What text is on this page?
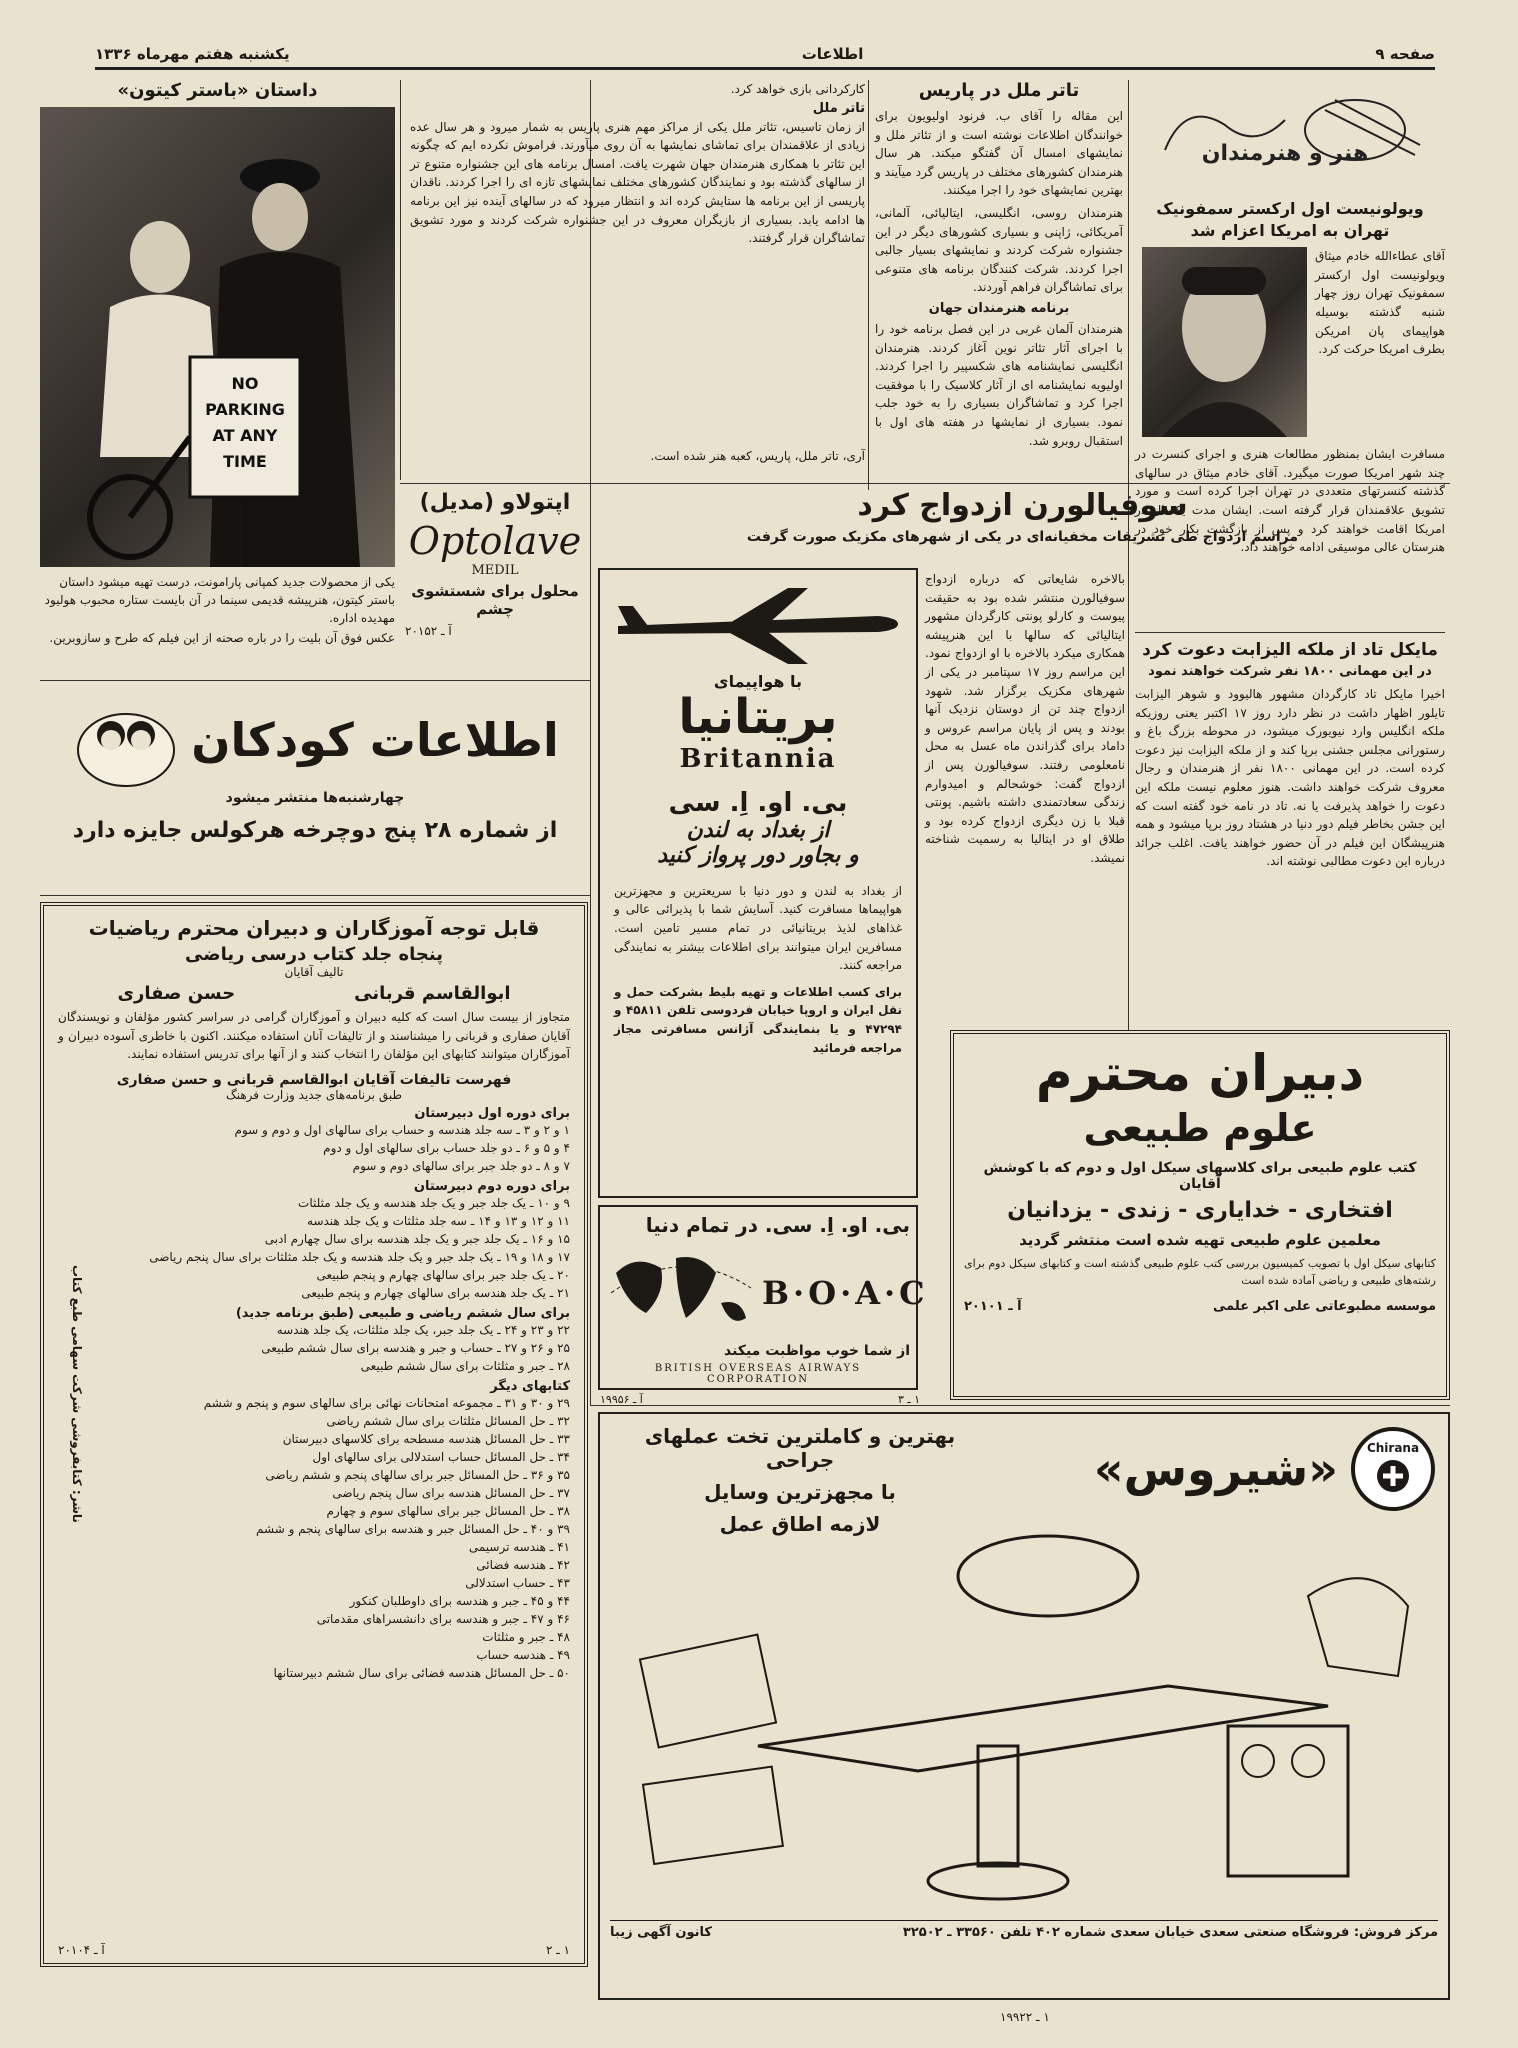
صفحه ۹
اطلاعات
یکشنبه هفتم مهرماه ۱۳۳۶
هنر و هنرمندان
ویولونیست اول ارکستر سمفونیک تهران به امریکا اعزام شد

آقای عطاءالله خادم میثاق ویولونیست اول ارکستر سمفونیک تهران روز چهار شنبه گذشته بوسیله هواپیمای پان امریکن بطرف امریکا حرکت کرد.

مسافرت ایشان بمنظور مطالعات هنری و اجرای کنسرت در چند شهر امریکا صورت میگیرد. آقای خادم میثاق در سالهای گذشته کنسرتهای متعددی در تهران اجرا کرده است و مورد تشویق علاقمندان قرار گرفته است. ایشان مدت یکسال در امریکا اقامت خواهند کرد و پس از بازگشت بکار خود در هنرستان عالی موسیقی ادامه خواهند داد.

مایکل تاد از ملکه الیزابت دعوت کرد
در این مهمانی ۱۸۰۰ نفر شرکت خواهند نمود

اخیرا مایکل تاد کارگردان مشهور هالیوود و شوهر الیزابت تایلور اظهار داشت در نظر دارد روز ۱۷ اکتبر یعنی روزیکه ملکه انگلیس وارد نیویورک میشود، در محوطه بزرگ باغ و رستورانی مجلس جشنی برپا کند و از ملکه الیزابت نیز دعوت کرده است. در این مهمانی ۱۸۰۰ نفر از هنرمندان و رجال معروف شرکت خواهند داشت. هنوز معلوم نیست ملکه این دعوت را خواهد پذیرفت یا نه. تاد در نامه خود گفته است که این جشن بخاطر فیلم دور دنیا در هشتاد روز برپا میشود و همه هنرپیشگان این فیلم در آن حضور خواهند یافت. اغلب جرائد درباره این دعوت مطالبی نوشته اند.

تاتر ملل در پاریس

این مقاله را آقای ب. فرنود اولیویون برای خوانندگان اطلاعات نوشته است و از تئاتر ملل و نمایشهای امسال آن گفتگو میکند. هر سال هنرمندان کشورهای مختلف در پاریس گرد میآیند و بهترین نمایشهای خود را اجرا میکنند.

هنرمندان روسی، انگلیسی، ایتالیائی، آلمانی، آمریکائی، ژاپنی و بسیاری کشورهای دیگر در این جشنواره شرکت کردند و نمایشهای بسیار جالبی اجرا کردند. شرکت کنندگان برنامه های متنوعی برای تماشاگران فراهم آوردند.

برنامه هنرمندان جهان

هنرمندان آلمان غربی در این فصل برنامه خود را با اجرای آثار تئاتر نوین آغاز کردند. هنرمندان انگلیسی نمایشنامه های شکسپیر را اجرا کردند. اولیویه نمایشنامه ای از آثار کلاسیک را با موفقیت اجرا کرد و تماشاگران بسیاری را به خود جلب نمود. بسیاری از نمایشها در هفته های اول با استقبال روبرو شد.

کارکردانی بازی خواهد کرد.

تاتر ملل

از زمان تاسیس، تئاتر ملل یکی از مراکز مهم هنری پاریس به شمار میرود و هر سال عده زیادی از علاقمندان برای تماشای نمایشها به آن روی میآورند. فراموش نکرده ایم که چگونه این تئاتر با همکاری هنرمندان جهان شهرت یافت. امسال برنامه های این جشنواره متنوع تر از سالهای گذشته بود و نمایندگان کشورهای مختلف نمایشهای تازه ای را اجرا کردند. ناقدان پاریسی از این برنامه ها ستایش کرده اند و انتظار میرود که در سالهای آینده نیز این برنامه ها ادامه یابد. بسیاری از بازیگران معروف در این جشنواره شرکت کردند و مورد تشویق تماشاگران قرار گرفتند.

آری، تاتر ملل، پاریس، کعبه هنر شده است.

داستان «باستر کیتون»
NO
PARKING
AT ANY
TIME

یکی از محصولات جدید کمپانی پارامونت، درست تهیه میشود داستان باستر کیتون، هنرپیشه قدیمی سینما در آن بایست ستاره محبوب هولیود مهدیده اداره.

عکس فوق آن بلیت را در باره صحنه از این فیلم که طرح و سازوبرین.

اپتولاو (مدیل)
Optolave
MEDIL
محلول برای شستشوی چشم
آ ـ ۲۰۱۵۲
سوفیالورن ازدواج کرد
مراسم ازدواج طی تشریفات مخفیانه‌ای در یکی از شهرهای مکزیک صورت گرفت

بالاخره شایعاتی که درباره ازدواج سوفیالورن منتشر شده بود به حقیقت پیوست و کارلو پونتی کارگردان مشهور ایتالیائی که سالها با این هنرپیشه همکاری میکرد بالاخره با او ازدواج نمود. این مراسم روز ۱۷ سپتامبر در یکی از شهرهای مکزیک برگزار شد. شهود ازدواج چند تن از دوستان نزدیک آنها بودند و پس از پایان مراسم عروس و داماد برای گذراندن ماه عسل به محل نامعلومی رفتند. سوفیالورن پس از ازدواج گفت: خوشحالم و امیدوارم زندگی سعادتمندی داشته باشیم. پونتی قبلا با زن دیگری ازدواج کرده بود و طلاق او در ایتالیا به رسمیت شناخته نمیشد.

با هواپیمای
بریتانیا
Britannia
بی. او. اِ. سی
از بغداد به لندن
و بجاور دور پرواز کنید

از بغداد به لندن و دور دنیا با سریعترین و مجهزترین هواپیماها مسافرت کنید. آسایش شما با پذیرائی عالی و غذاهای لذیذ بریتانیائی در تمام مسیر تامین است. مسافرین ایران میتوانند برای اطلاعات بیشتر به نمایندگی مراجعه کنند.

برای کسب اطلاعات و تهیه بلیط بشرکت حمل و نقل ایران و اروپا خیابان فردوسی تلفن ۴۵۸۱۱ و ۴۷۲۹۴ و یا بنمایندگی آژانس مسافرتی مجاز مراجعه فرمائید

بی. او. اِ. سی. در تمام دنیا
B·O·A·C
از شما خوب مواظبت میکند
BRITISH OVERSEAS AIRWAYS CORPORATION
۱ ـ ۳
آ ـ ۱۹۹۵۶
دبیران محترم
علوم طبیعی
کتب علوم طبیعی برای کلاسهای سیکل اول و دوم که با کوشش آقایان
افتخاری - خدایاری - زندی - یزدانیان
معلمین علوم طبیعی تهیه شده است منتشر گردید

کتابهای سیکل اول با تصویب کمیسیون بررسی کتب علوم طبیعی گذشته است و کتابهای سیکل دوم برای رشته‌های طبیعی و ریاضی آماده شده است

موسسه مطبوعاتی علی اکبر علمی
آ ـ ۲۰۱۰۱
اطلاعات کودکان
چهارشنبه‌ها منتشر میشود
از شماره ۲۸ پنج دوچرخه هرکولس جایزه دارد
قابل توجه آموزگاران و دبیران محترم ریاضیات
پنجاه جلد کتاب درسی ریاضی
تالیف آقایان
ابوالقاسم قربانی
حسن صفاری

متجاوز از بیست سال است که کلیه دبیران و آموزگاران گرامی در سراسر کشور مؤلفان و نویسندگان آقایان صفاری و قربانی را میشناسند و از تالیفات آنان استفاده میکنند. اکنون با خاطری آسوده دبیران و آموزگاران میتوانند کتابهای این مؤلفان را انتخاب کنند و از آنها برای تدریس استفاده نمایند.

فهرست تالیفات آقایان ابوالقاسم قربانی و حسن صفاری
طبق برنامه‌های جدید وزارت فرهنگ
برای دوره اول دبیرستان
۱ و ۲ و ۳ ـ سه جلد هندسه و حساب برای سالهای اول و دوم و سوم
۴ و ۵ و ۶ ـ دو جلد حساب برای سالهای اول و دوم
۷ و ۸ ـ دو جلد جبر برای سالهای دوم و سوم
برای دوره دوم دبیرستان
۹ و ۱۰ ـ یک جلد جبر و یک جلد هندسه و یک جلد مثلثات
۱۱ و ۱۲ و ۱۳ و ۱۴ ـ سه جلد مثلثات و یک جلد هندسه
۱۵ و ۱۶ ـ یک جلد جبر و یک جلد هندسه برای سال چهارم ادبی
۱۷ و ۱۸ و ۱۹ ـ یک جلد جبر و یک جلد هندسه و یک جلد مثلثات برای سال پنجم ریاضی
۲۰ ـ یک جلد جبر برای سالهای چهارم و پنجم طبیعی
۲۱ ـ یک جلد هندسه برای سالهای چهارم و پنجم طبیعی
برای سال ششم ریاضی و طبیعی (طبق برنامه جدید)
۲۲ و ۲۳ و ۲۴ ـ یک جلد جبر، یک جلد مثلثات، یک جلد هندسه
۲۵ و ۲۶ و ۲۷ ـ حساب و جبر و هندسه برای سال ششم طبیعی
۲۸ ـ جبر و مثلثات برای سال ششم طبیعی
کتابهای دیگر
۲۹ و ۳۰ و ۳۱ ـ مجموعه امتحانات نهائی برای سالهای سوم و پنجم و ششم
۳۲ ـ حل المسائل مثلثات برای سال ششم ریاضی
۳۳ ـ حل المسائل هندسه مسطحه برای کلاسهای دبیرستان
۳۴ ـ حل المسائل حساب استدلالی برای سالهای اول
۳۵ و ۳۶ ـ حل المسائل جبر برای سالهای پنجم و ششم ریاضی
۳۷ ـ حل المسائل هندسه برای سال پنجم ریاضی
۳۸ ـ حل المسائل جبر برای سالهای سوم و چهارم
۳۹ و ۴۰ ـ حل المسائل جبر و هندسه برای سالهای پنجم و ششم
۴۱ ـ هندسه ترسیمی
۴۲ ـ هندسه فضائی
۴۳ ـ حساب استدلالی
۴۴ و ۴۵ ـ جبر و هندسه برای داوطلبان کنکور
۴۶ و ۴۷ ـ جبر و هندسه برای دانشسراهای مقدماتی
۴۸ ـ جبر و مثلثات
۴۹ ـ هندسه حساب
۵۰ ـ حل المسائل هندسه فضائی برای سال ششم دبیرستانها
ناشر: کتابفروشی شرکت سهامی طبع کتاب
۱ ـ ۲
آ ـ ۲۰۱۰۴
Chirana
«شیروس»
بهترین و کاملترین تخت عملهای جراحی
با مجهزترین وسایل
لازمه اطاق عمل
مرکز فروش: فروشگاه صنعتی سعدی خیابان سعدی شماره ۴۰۲ تلفن ۳۳۵۶۰ ـ ۳۲۵۰۲
کانون آگهی زیبا
۱ ـ ۱۹۹۲۲
